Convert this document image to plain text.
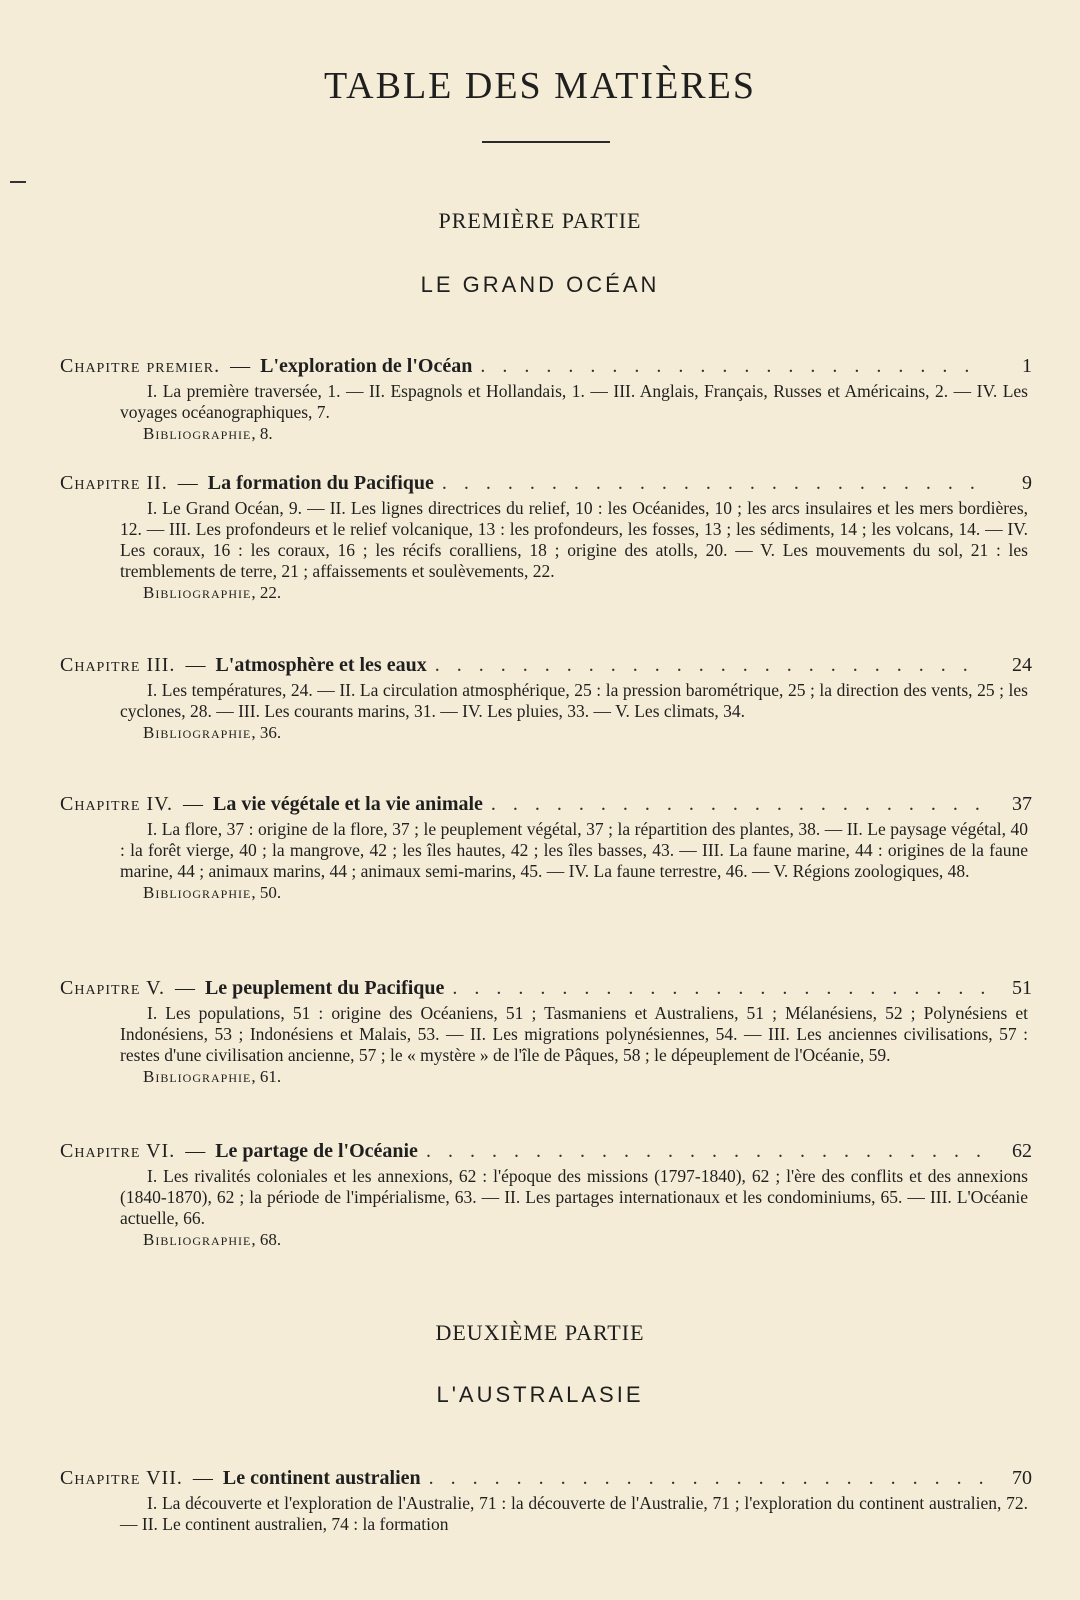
TABLE DES MATIÈRES
PREMIÈRE PARTIE
LE GRAND OCÉAN
Chapitre premier. — L'exploration de l'Océan . . .	1
I. La première traversée, 1. — II. Espagnols et Hollandais, 1. — III. Anglais, Français, Russes et Américains, 2. — IV. Les voyages océanographiques, 7.
Bibliographie, 8.
Chapitre II. — La formation du Pacifique . . .	9
I. Le Grand Océan, 9. — II. Les lignes directrices du relief, 10 : les Océanides, 10 ; les arcs insulaires et les mers bordières, 12. — III. Les profondeurs et le relief volcanique, 13 : les profondeurs, les fosses, 13 ; les sédiments, 14 ; les volcans, 14. — IV. Les coraux, 16 : les coraux, 16 ; les récifs coralliens, 18 ; origine des atolls, 20. — V. Les mouvements du sol, 21 : les tremblements de terre, 21 ; affaissements et soulèvements, 22.
Bibliographie, 22.
Chapitre III. — L'atmosphère et les eaux . . .	24
I. Les températures, 24. — II. La circulation atmosphérique, 25 : la pression barométrique, 25 ; la direction des vents, 25 ; les cyclones, 28. — III. Les courants marins, 31. — IV. Les pluies, 33. — V. Les climats, 34.
Bibliographie, 36.
Chapitre IV. — La vie végétale et la vie animale . . .	37
I. La flore, 37 : origine de la flore, 37 ; le peuplement végétal, 37 ; la répartition des plantes, 38. — II. Le paysage végétal, 40 : la forêt vierge, 40 ; la mangrove, 42 ; les îles hautes, 42 ; les îles basses, 43. — III. La faune marine, 44 : origines de la faune marine, 44 ; animaux marins, 44 ; animaux semi-marins, 45. — IV. La faune terrestre, 46. — V. Régions zoologiques, 48.
Bibliographie, 50.
Chapitre V. — Le peuplement du Pacifique . . .	51
I. Les populations, 51 : origine des Océaniens, 51 ; Tasmaniens et Australiens, 51 ; Mélanésiens, 52 ; Polynésiens et Indonésiens, 53 ; Indonésiens et Malais, 53. — II. Les migrations polynésiennes, 54. — III. Les anciennes civilisations, 57 : restes d'une civilisation ancienne, 57 ; le « mystère » de l'île de Pâques, 58 ; le dépeuplement de l'Océanie, 59.
Bibliographie, 61.
Chapitre VI. — Le partage de l'Océanie . . .	62
I. Les rivalités coloniales et les annexions, 62 : l'époque des missions (1797-1840), 62 ; l'ère des conflits et des annexions (1840-1870), 62 ; la période de l'impérialisme, 63. — II. Les partages internationaux et les condominiums, 65. — III. L'Océanie actuelle, 66.
Bibliographie, 68.
DEUXIÈME PARTIE
L'AUSTRALASIE
Chapitre VII. — Le continent australien . . .	70
I. La découverte et l'exploration de l'Australie, 71 : la découverte de l'Australie, 71 ; l'exploration du continent australien, 72. — II. Le continent australien, 74 : la formation
